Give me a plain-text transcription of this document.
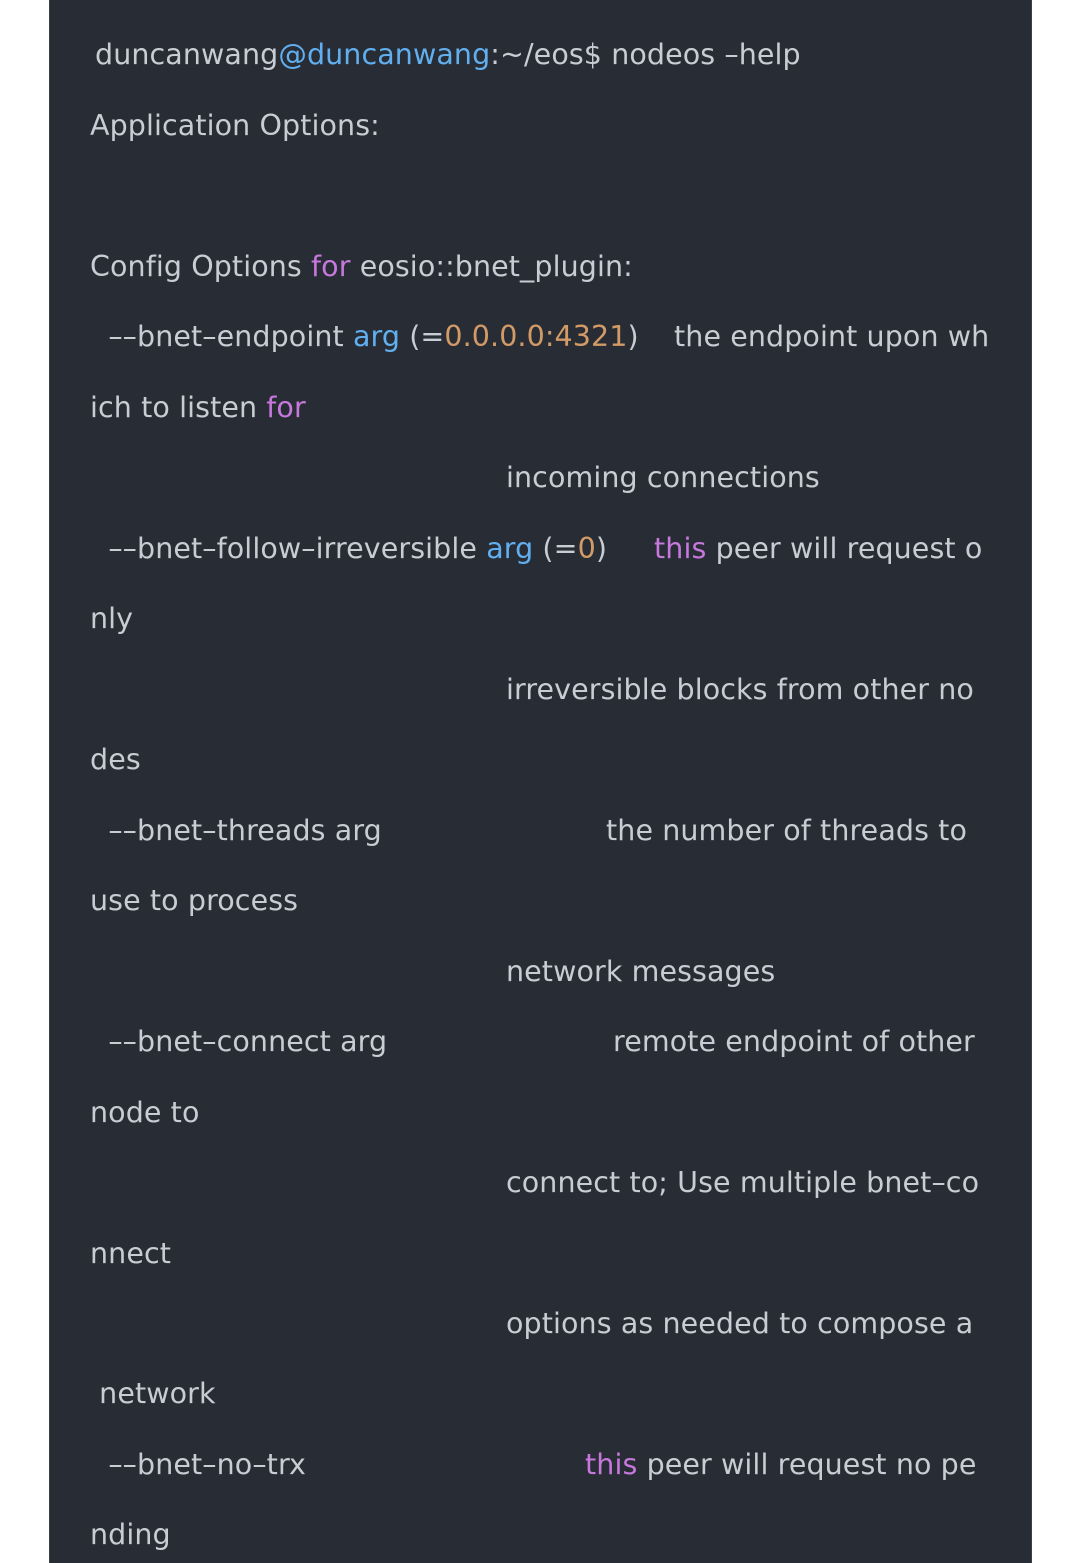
duncanwang@duncanwang:~/eos$ nodeos –help
Application Options:
Config Options for eosio::bnet_plugin:
––bnet–endpoint arg (=0.0.0.0:4321) the endpoint upon wh
ich to listen for
incoming connections
––bnet–follow–irreversible arg (=0) this peer will request o
nly
irreversible blocks from other no
des
––bnet–threads arg	the number of threads to
use to process
network messages
––bnet–connect arg	remote endpoint of other
node to
connect to; Use multiple bnet–co
nnect
options as needed to compose a
network
––bnet–no–trx	this peer will request no pe
nding
